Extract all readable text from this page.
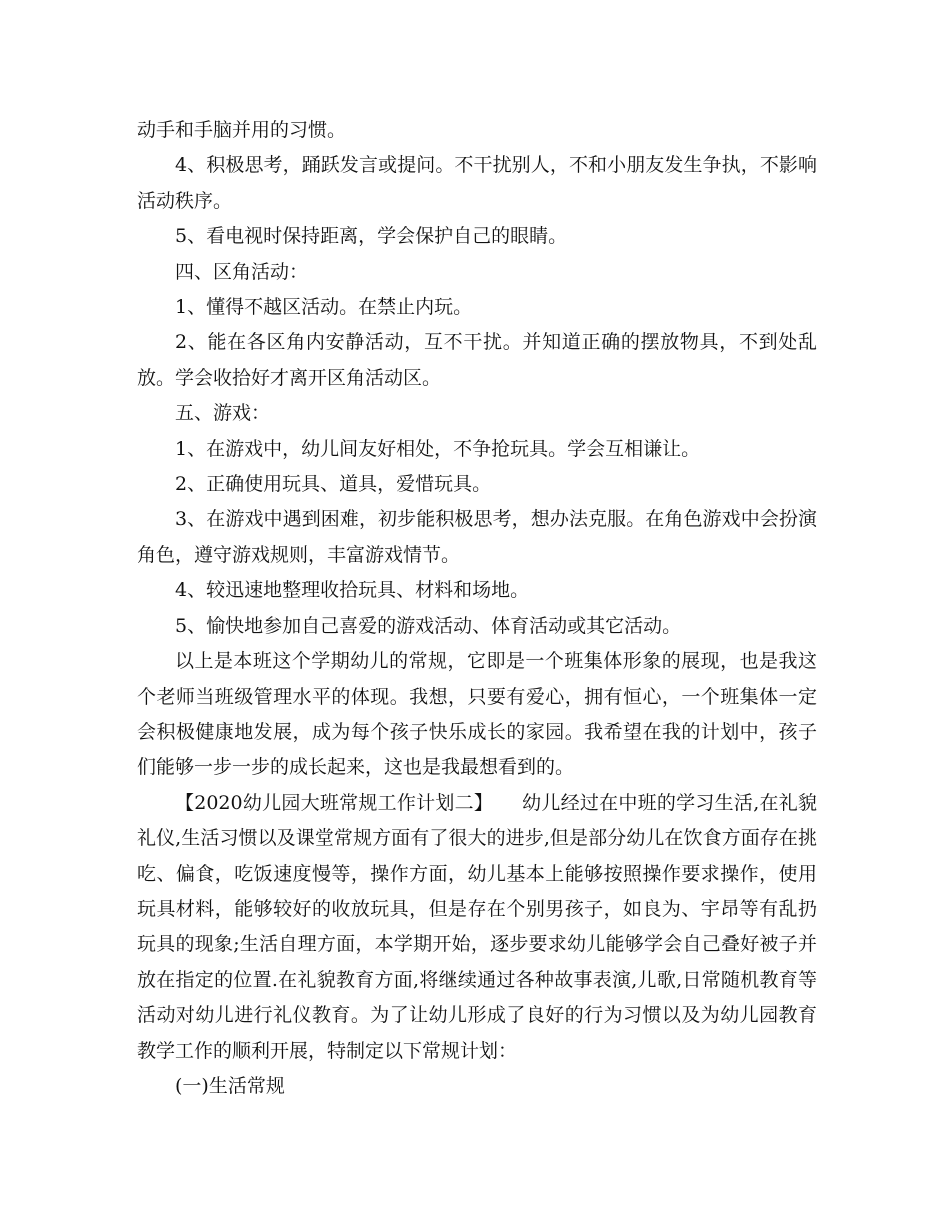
动手和手脑并用的习惯。

4、积极思考，踊跃发言或提问。不干扰别人，不和小朋友发生争执，不影响活动秩序。

5、看电视时保持距离，学会保护自己的眼睛。

四、区角活动：

1、懂得不越区活动。在禁止内玩。

2、能在各区角内安静活动，互不干扰。并知道正确的摆放物具，不到处乱放。学会收拾好才离开区角活动区。

五、游戏：

1、在游戏中，幼儿间友好相处，不争抢玩具。学会互相谦让。

2、正确使用玩具、道具，爱惜玩具。

3、在游戏中遇到困难，初步能积极思考，想办法克服。在角色游戏中会扮演角色，遵守游戏规则，丰富游戏情节。

4、较迅速地整理收拾玩具、材料和场地。

5、愉快地参加自己喜爱的游戏活动、体育活动或其它活动。

以上是本班这个学期幼儿的常规，它即是一个班集体形象的展现，也是我这个老师当班级管理水平的体现。我想，只要有爱心，拥有恒心，一个班集体一定会积极健康地发展，成为每个孩子快乐成长的家园。我希望在我的计划中，孩子们能够一步一步的成长起来，这也是我最想看到的。

【2020幼儿园大班常规工作计划二】　　幼儿经过在中班的学习生活,在礼貌礼仪,生活习惯以及课堂常规方面有了很大的进步,但是部分幼儿在饮食方面存在挑吃、偏食，吃饭速度慢等，操作方面，幼儿基本上能够按照操作要求操作，使用玩具材料，能够较好的收放玩具，但是存在个别男孩子，如良为、宇昂等有乱扔玩具的现象;生活自理方面，本学期开始，逐步要求幼儿能够学会自己叠好被子并放在指定的位置.在礼貌教育方面,将继续通过各种故事表演,儿歌,日常随机教育等活动对幼儿进行礼仪教育。为了让幼儿形成了良好的行为习惯以及为幼儿园教育教学工作的顺利开展，特制定以下常规计划：

(一)生活常规
